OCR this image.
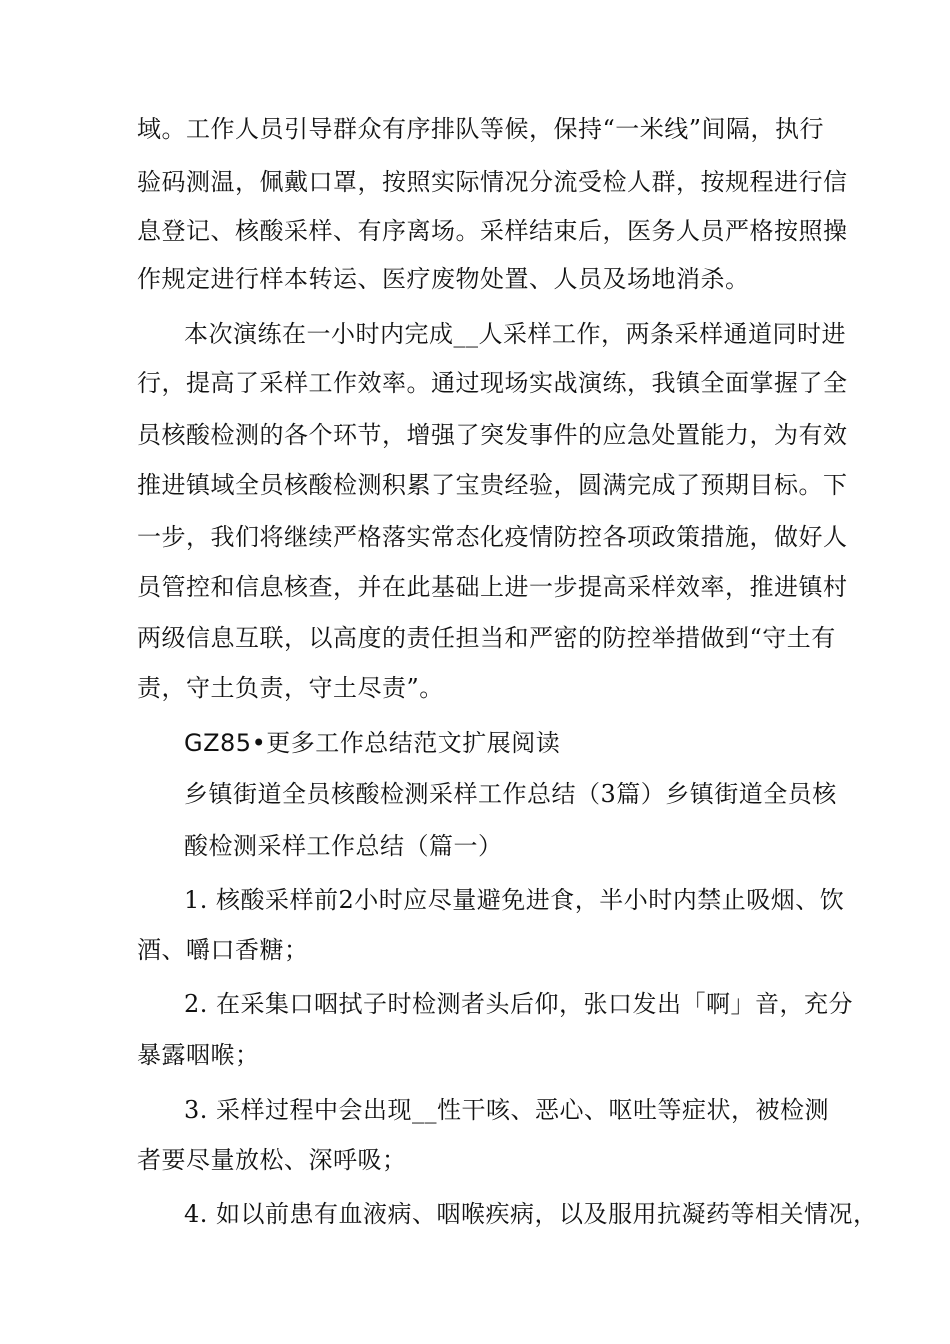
域。工作人员引导群众有序排队等候，保持“一米线”间隔，执行
验码测温，佩戴口罩，按照实际情况分流受检人群，按规程进行信
息登记、核酸采样、有序离场。采样结束后，医务人员严格按照操
作规定进行样本转运、医疗废物处置、人员及场地消杀。
本次演练在一小时内完成__人采样工作，两条采样通道同时进
行，提高了采样工作效率。通过现场实战演练，我镇全面掌握了全
员核酸检测的各个环节，增强了突发事件的应急处置能力，为有效
推进镇域全员核酸检测积累了宝贵经验，圆满完成了预期目标。下
一步，我们将继续严格落实常态化疫情防控各项政策措施，做好人
员管控和信息核查，并在此基础上进一步提高采样效率，推进镇村
两级信息互联，以高度的责任担当和严密的防控举措做到“守土有
责，守土负责，守土尽责”。
GZ85•更多工作总结范文扩展阅读
乡镇街道全员核酸检测采样工作总结（3篇）乡镇街道全员核
酸检测采样工作总结（篇一）
1. 核酸采样前2小时应尽量避免进食，半小时内禁止吸烟、饮
酒、嚼口香糖；
2. 在采集口咽拭子时检测者头后仰，张口发出「啊」音，充分
暴露咽喉；
3. 采样过程中会出现__性干咳、恶心、呕吐等症状，被检测
者要尽量放松、深呼吸；
4. 如以前患有血液病、咽喉疾病，以及服用抗凝药等相关情况，
